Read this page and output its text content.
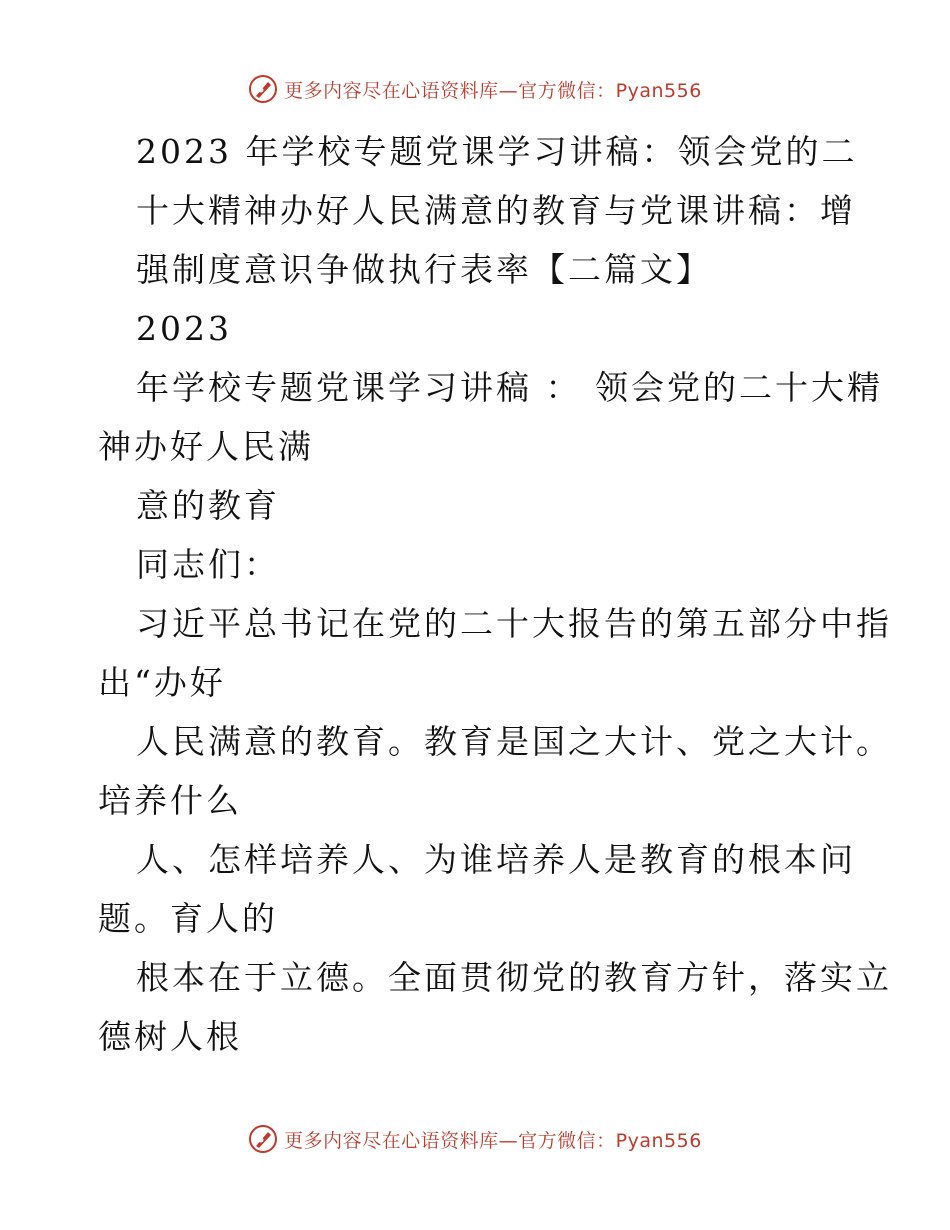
更多内容尽在心语资料库 —官方微信：Pyan556
2023 年学校专题党课学习讲稿：领会党的二
十大精神办好人民满意的教育与党课讲稿：增
强制度意识争做执行表率【二篇文】
2023
年学校专题党课学习讲稿 ： 领会党的二十大精
神办好人民满
意的教育
同志们：
习近平总书记在党的二十大报告的第五部分中指
出“办好
人民满意的教育。教育是国之大计、党之大计。
培养什么
人、怎样培养人、为谁培养人是教育的根本问
题。育人的
根本在于立德。全面贯彻党的教育方针，落实立
德树人根
更多内容尽在心语资料库 —官方微信：Pyan556
